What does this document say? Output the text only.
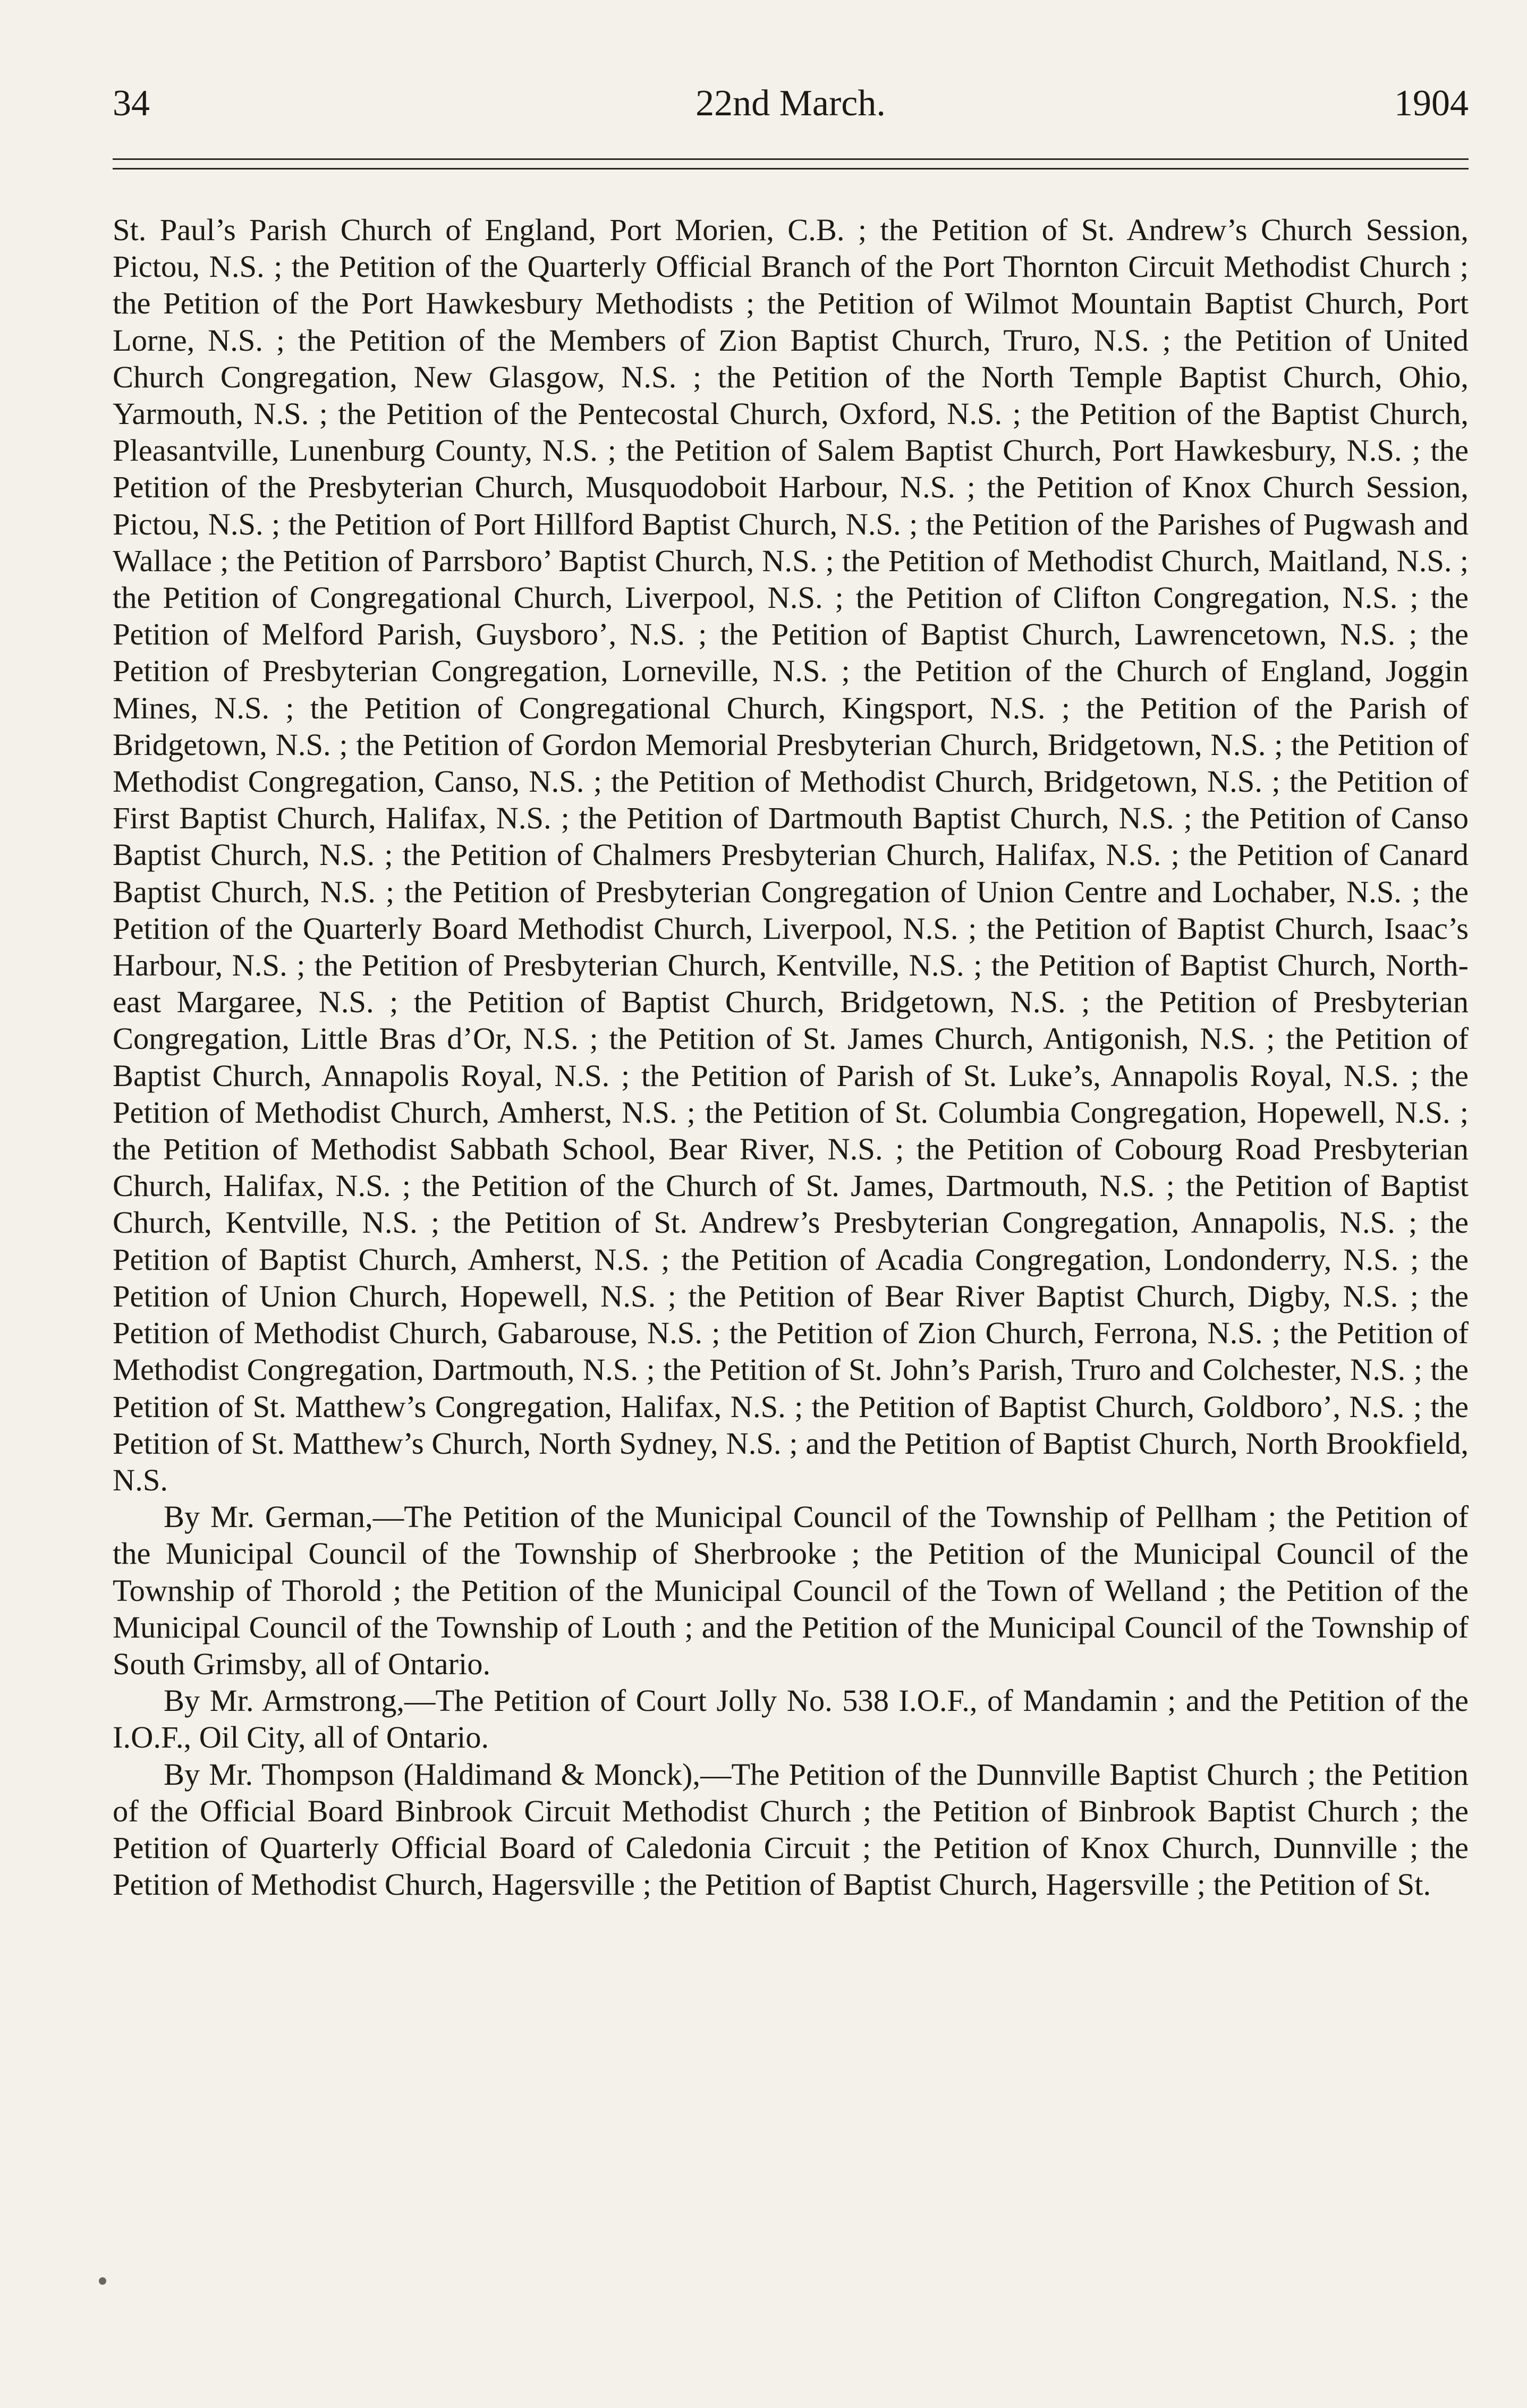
34	22nd March.	1904

St. Paul’s Parish Church of England, Port Morien, C.B. ; the Petition of St. Andrew’s Church Session, Pictou, N.S. ; the Petition of the Quarterly Official Branch of the Port Thornton Circuit Methodist Church ; the Petition of the Port Hawkesbury Methodists ; the Petition of Wilmot Mountain Baptist Church, Port Lorne, N.S. ; the Petition of the Members of Zion Baptist Church, Truro, N.S. ; the Petition of United Church Congregation, New Glasgow, N.S. ; the Petition of the North Temple Baptist Church, Ohio, Yarmouth, N.S. ; the Petition of the Pentecostal Church, Oxford, N.S. ; the Petition of the Baptist Church, Pleasantville, Lunenburg County, N.S. ; the Petition of Salem Baptist Church, Port Hawkesbury, N.S. ; the Petition of the Presbyterian Church, Musquodoboit Harbour, N.S. ; the Petition of Knox Church Session, Pictou, N.S. ; the Petition of Port Hillford Baptist Church, N.S. ; the Petition of the Parishes of Pugwash and Wallace ; the Petition of Parrsboro’ Baptist Church, N.S. ; the Petition of Methodist Church, Maitland, N.S. ; the Petition of Congregational Church, Liverpool, N.S. ; the Petition of Clifton Congregation, N.S. ; the Petition of Melford Parish, Guysboro’, N.S. ; the Petition of Baptist Church, Lawrencetown, N.S. ; the Petition of Presbyterian Congregation, Lorneville, N.S. ; the Petition of the Church of England, Joggin Mines, N.S. ; the Petition of Congregational Church, Kingsport, N.S. ; the Petition of the Parish of Bridgetown, N.S. ; the Petition of Gordon Memorial Presbyterian Church, Bridgetown, N.S. ; the Petition of Methodist Congregation, Canso, N.S. ; the Petition of Methodist Church, Bridgetown, N.S. ; the Petition of First Baptist Church, Halifax, N.S. ; the Petition of Dartmouth Baptist Church, N.S. ; the Petition of Canso Baptist Church, N.S. ; the Petition of Chalmers Presbyterian Church, Halifax, N.S. ; the Petition of Canard Baptist Church, N.S. ; the Petition of Presbyterian Congregation of Union Centre and Lochaber, N.S. ; the Petition of the Quarterly Board Methodist Church, Liverpool, N.S. ; the Petition of Baptist Church, Isaac’s Harbour, N.S. ; the Petition of Presbyterian Church, Kentville, N.S. ; the Petition of Baptist Church, North-east Margaree, N.S. ; the Petition of Baptist Church, Bridgetown, N.S. ; the Petition of Presbyterian Congregation, Little Bras d’Or, N.S. ; the Petition of St. James Church, Antigonish, N.S. ; the Petition of Baptist Church, Annapolis Royal, N.S. ; the Petition of Parish of St. Luke’s, Annapolis Royal, N.S. ; the Petition of Methodist Church, Amherst, N.S. ; the Petition of St. Columbia Congregation, Hopewell, N.S. ; the Petition of Methodist Sabbath School, Bear River, N.S. ; the Petition of Cobourg Road Presbyterian Church, Halifax, N.S. ; the Petition of the Church of St. James, Dartmouth, N.S. ; the Petition of Baptist Church, Kentville, N.S. ; the Petition of St. Andrew’s Presbyterian Congregation, Annapolis, N.S. ; the Petition of Baptist Church, Amherst, N.S. ; the Petition of Acadia Congregation, Londonderry, N.S. ; the Petition of Union Church, Hopewell, N.S. ; the Petition of Bear River Baptist Church, Digby, N.S. ; the Petition of Methodist Church, Gabarouse, N.S. ; the Petition of Zion Church, Ferrona, N.S. ; the Petition of Methodist Congregation, Dartmouth, N.S. ; the Petition of St. John’s Parish, Truro and Colchester, N.S. ; the Petition of St. Matthew’s Congregation, Halifax, N.S. ; the Petition of Baptist Church, Goldboro’, N.S. ; the Petition of St. Matthew’s Church, North Sydney, N.S. ; and the Petition of Baptist Church, North Brookfield, N.S.

By Mr. German,—The Petition of the Municipal Council of the Township of Pellham ; the Petition of the Municipal Council of the Township of Sherbrooke ; the Petition of the Municipal Council of the Township of Thorold ; the Petition of the Municipal Council of the Town of Welland ; the Petition of the Municipal Council of the Township of Louth ; and the Petition of the Municipal Council of the Township of South Grimsby, all of Ontario.

By Mr. Armstrong,—The Petition of Court Jolly No. 538 I.O.F., of Mandamin ; and the Petition of the I.O.F., Oil City, all of Ontario.

By Mr. Thompson (Haldimand & Monck),—The Petition of the Dunnville Baptist Church ; the Petition of the Official Board Binbrook Circuit Methodist Church ; the Petition of Binbrook Baptist Church ; the Petition of Quarterly Official Board of Caledonia Circuit ; the Petition of Knox Church, Dunnville ; the Petition of Methodist Church, Hagersville ; the Petition of Baptist Church, Hagersville ; the Petition of St.
